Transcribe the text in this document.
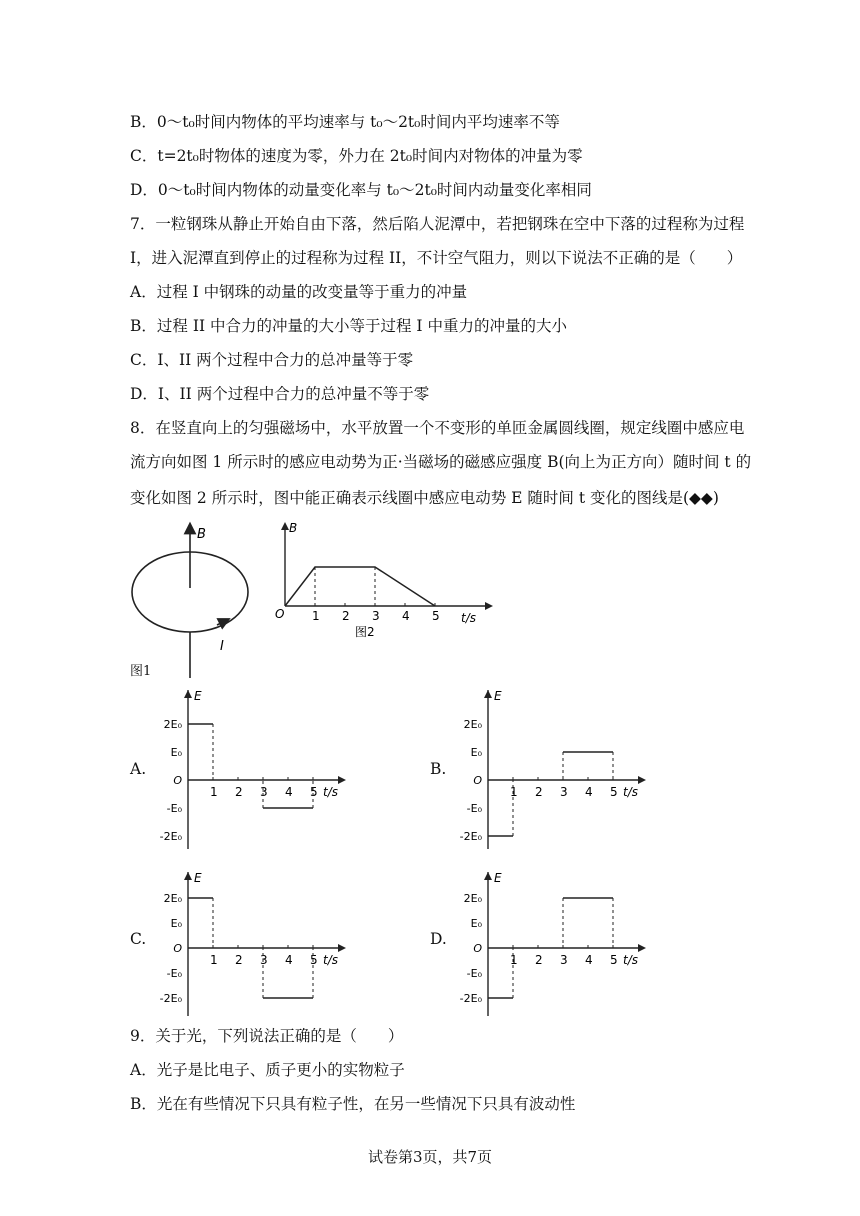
B．0～t₀时间内物体的平均速率与 t₀～2t₀时间内平均速率不等
C．t=2t₀时物体的速度为零，外力在 2t₀时间内对物体的冲量为零
D．0～t₀时间内物体的动量变化率与 t₀～2t₀时间内动量变化率相同
7．一粒钢珠从静止开始自由下落，然后陷人泥潭中，若把钢珠在空中下落的过程称为过程
I，进入泥潭直到停止的过程称为过程 II，不计空气阻力，则以下说法不正确的是（　　）
A．过程 I 中钢珠的动量的改变量等于重力的冲量
B．过程 II 中合力的冲量的大小等于过程 I 中重力的冲量的大小
C．I、II 两个过程中合力的总冲量等于零
D．I、II 两个过程中合力的总冲量不等于零
8．在竖直向上的匀强磁场中，水平放置一个不变形的单匝金属圆线圈，规定线圈中感应电
流方向如图 1 所示时的感应电动势为正·当磁场的磁感应强度 B(向上为正方向）随时间 t 的
变化如图 2 所示时，图中能正确表示线圈中感应电动势 E 随时间 t 变化的图线是(◆◆)
B
I
图1
1 2 3 4 5
B
O	t/s
图2
A.
E
2E₀
E₀
O
-E₀
-2E₀
1 2 3 4 5 t/s
B.
E
2E₀
E₀
O
-E₀
-2E₀
1 2 3 4 5 t/s
C.
E
2E₀
E₀
O
-E₀
-2E₀
1 2 3 4 5 t/s
D.
E
2E₀
E₀
O
-E₀
-2E₀
1 2 3 4 5 t/s
9．关于光，下列说法正确的是（　　）
A．光子是比电子、质子更小的实物粒子
B．光在有些情况下只具有粒子性，在另一些情况下只具有波动性
试卷第3页，共7页
